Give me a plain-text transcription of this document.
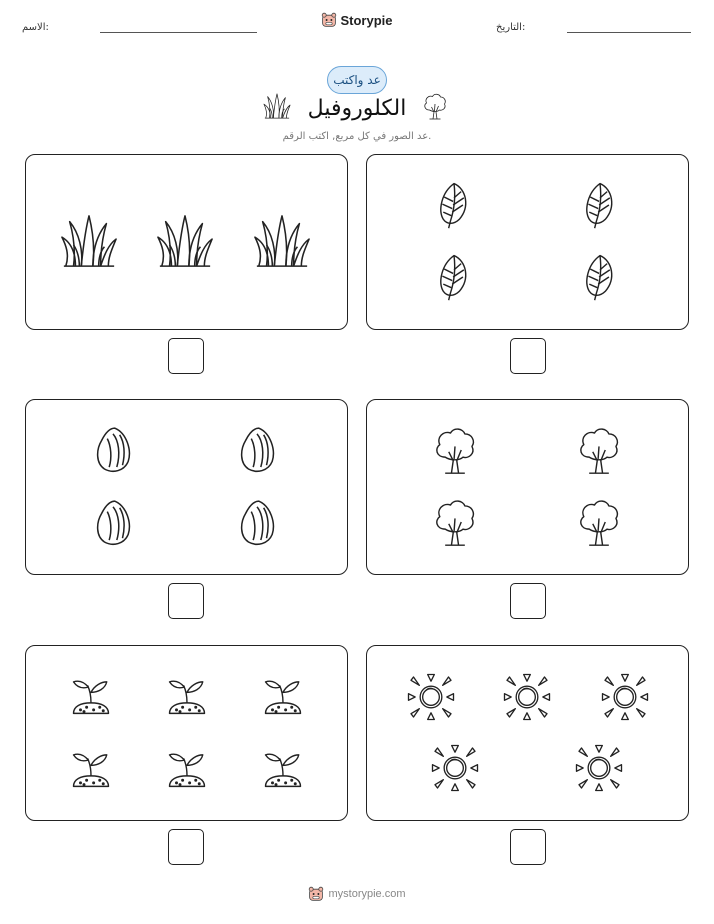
الاسم:	التاريخ:
Storypie
عد واكتب
الكلوروفيل
عد الصور في كل مربع, اكتب الرقم.
mystorypie.com
